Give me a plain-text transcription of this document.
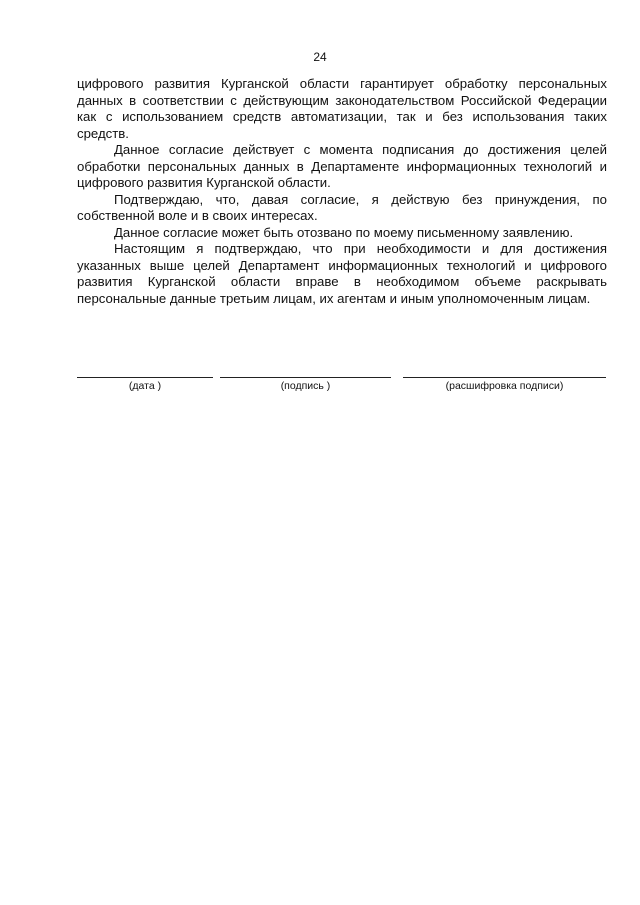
24

цифрового развития Курганской области гарантирует обработку персональных данных в соответствии с действующим законодательством Российской Федерации как с использованием средств автоматизации, так и без использования таких средств.

Данное согласие действует с момента подписания до достижения целей обработки персональных данных в Департаменте информационных технологий и цифрового развития Курганской области.

Подтверждаю, что, давая согласие, я действую без принуждения, по собственной воле и в своих интересах.

Данное согласие может быть отозвано по моему письменному заявлению.

Настоящим я подтверждаю, что при необходимости и для достижения указанных выше целей Департамент информационных технологий и цифрового развития Курганской области вправе в необходимом объеме раскрывать персональные данные третьим лицам, их агентам и иным уполномоченным лицам.

(дата )	(подпись )	(расшифровка подписи)
